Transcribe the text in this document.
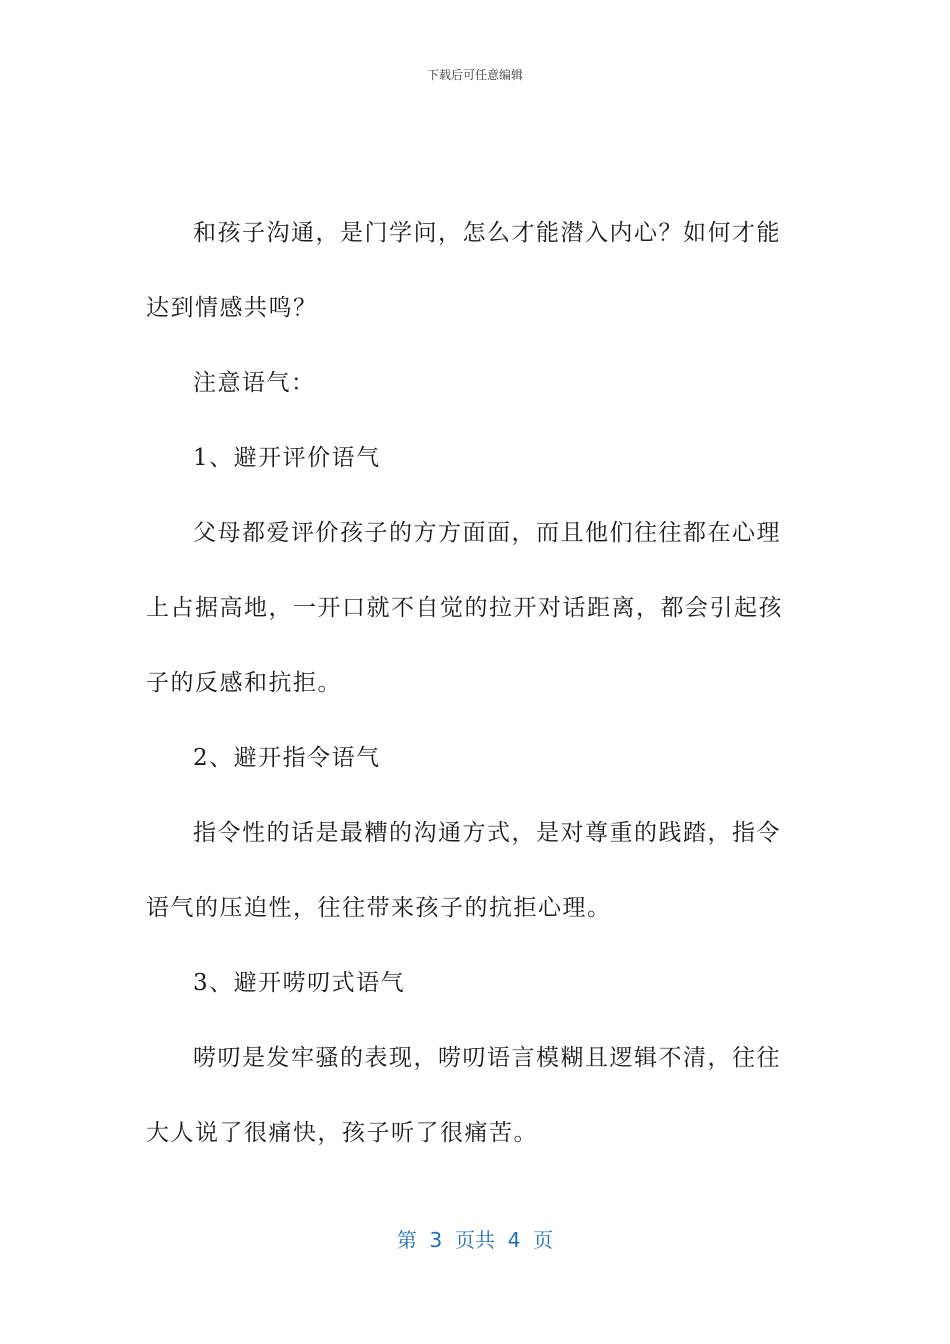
下载后可任意编辑

和孩子沟通，是门学问，怎么才能潜入内心？如何才能达到情感共鸣？

注意语气：

1、避开评价语气

父母都爱评价孩子的方方面面，而且他们往往都在心理上占据高地，一开口就不自觉的拉开对话距离，都会引起孩子的反感和抗拒。

2、避开指令语气

指令性的话是最糟的沟通方式，是对尊重的践踏，指令语气的压迫性，往往带来孩子的抗拒心理。

3、避开唠叨式语气

唠叨是发牢骚的表现，唠叨语言模糊且逻辑不清，往往大人说了很痛快，孩子听了很痛苦。

第  3  页共  4  页
